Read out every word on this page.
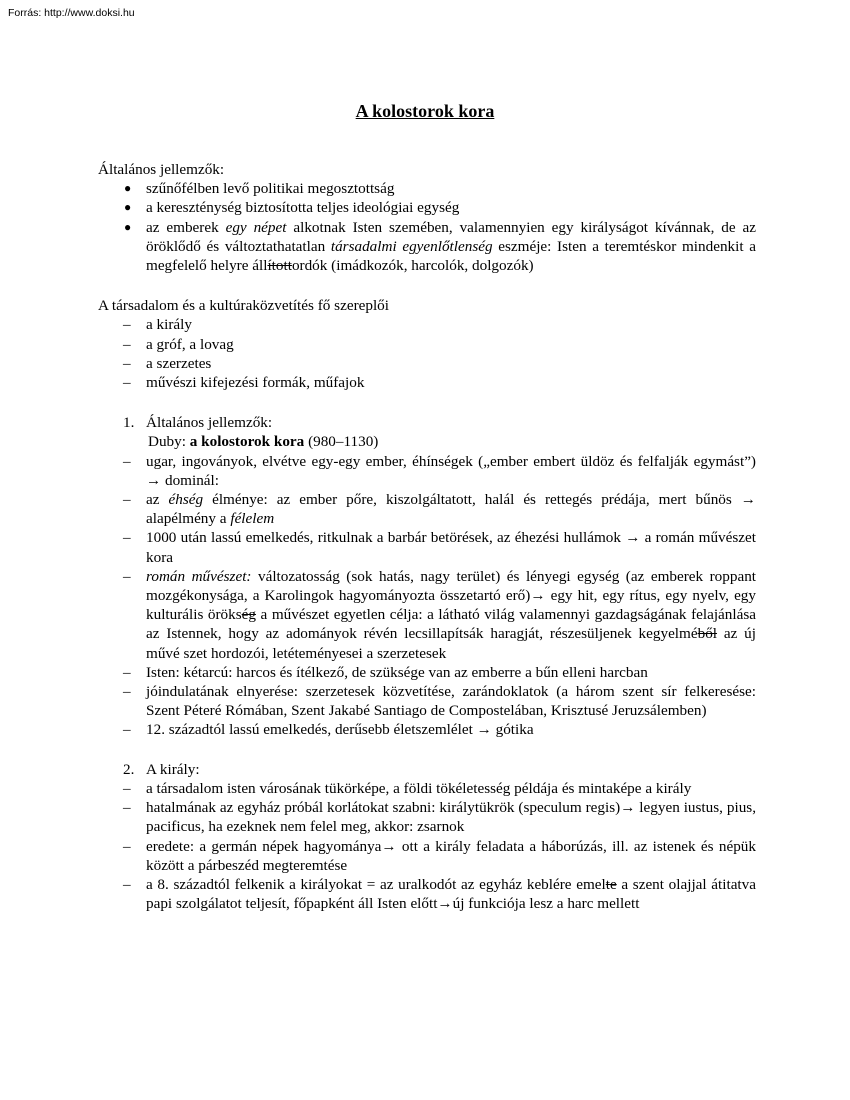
Forrás: http://www.doksi.hu
A kolostorok kora

Általános jellemzők:

● szűnőfélben levő politikai megosztottság
● a kereszténység biztosította teljes ideológiai egység
● az emberek egy népet alkotnak Isten szemében, valamennyien egy királyságot kívánnak, de az öröklődő és változtathatatlan társadalmi egyenlőtlenség eszméje: Isten a teremtéskor mindenkit a megfelelő helyre állítottordók (imádkozók, harcolók, dolgozók)

A társadalom és a kultúraközvetítés fő szereplői

– a király
– a gróf, a lovag
– a szerzetes
– művészi kifejezési formák, műfajok
1. Általános jellemzők:
Duby: a kolostorok kora (980–1130)
– ugar, ingoványok, elvétve egy-egy ember, éhínségek („ember embert üldöz és felfalják egymást”) → dominál:
– az éhség élménye: az ember pőre, kiszolgáltatott, halál és rettegés prédája, mert bűnös → alapélmény a félelem
– 1000 után lassú emelkedés, ritkulnak a barbár betörések, az éhezési hullámok → a román művészet kora
– román művészet: változatosság (sok hatás, nagy terület) és lényegi egység (az emberek roppant mozgékonysága, a Karolingok hagyományozta összetartó erő)→ egy hit, egy rítus, egy nyelv, egy kulturális örökség a művészet egyetlen célja: a látható világ valamennyi gazdagságának felajánlása az Istennek, hogy az adományok révén lecsillapítsák haragját, részesüljenek kegyelméből az új művé szet hordozói, letéteményesei a szerzetesek
– Isten: kétarcú: harcos és ítélkező, de szüksége van az emberre a bűn elleni harcban
– jóindulatának elnyerése: szerzetesek közvetítése, zarándoklatok (a három szent sír felkeresése: Szent Péteré Rómában, Szent Jakabé Santiago de Compostelában, Krisztusé Jeruzsálemben)
– 12. századtól lassú emelkedés, derűsebb életszemlélet → gótika
2. A király:
– a társadalom isten városának tükörképe, a földi tökéletesség példája és mintaképe a király
– hatalmának az egyház próbál korlátokat szabni: királytükrök (speculum regis)→ legyen iustus, pius, pacificus, ha ezeknek nem felel meg, akkor: zsarnok
– eredete: a germán népek hagyománya→ ott a király feladata a háborúzás, ill. az istenek és népük között a párbeszéd megteremtése
– a 8. századtól felkenik a királyokat = az uralkodót az egyház keblére emelte a szent olajjal átitatva papi szolgálatot teljesít, főpapként áll Isten előtt→új funkciója lesz a harc mellett
